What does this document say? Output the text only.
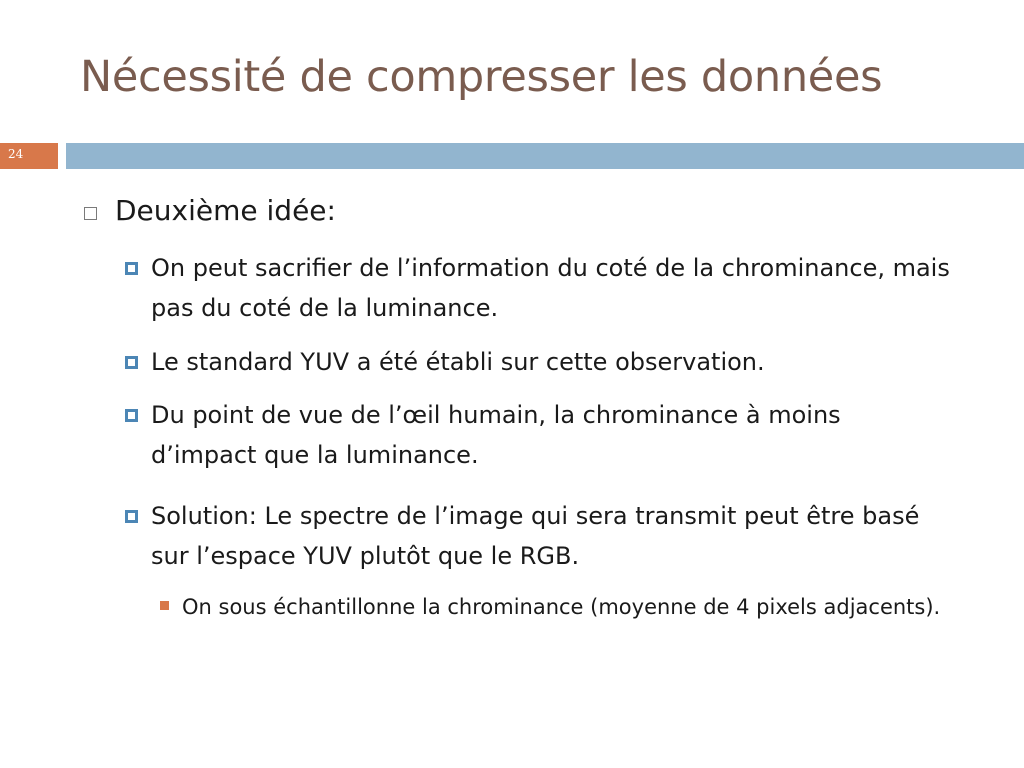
Nécessité de compresser les données
24
Deuxième idée:
On peut sacrifier de l’information du coté de la chrominance, mais pas du coté de la luminance.
Le standard YUV a été établi sur cette observation.
Du point de vue de l’œil humain, la chrominance à moins d’impact que la luminance.
Solution: Le spectre de l’image qui sera transmit peut être basé sur l’espace YUV plutôt que le RGB.
On sous échantillonne la chrominance (moyenne de 4 pixels adjacents).
